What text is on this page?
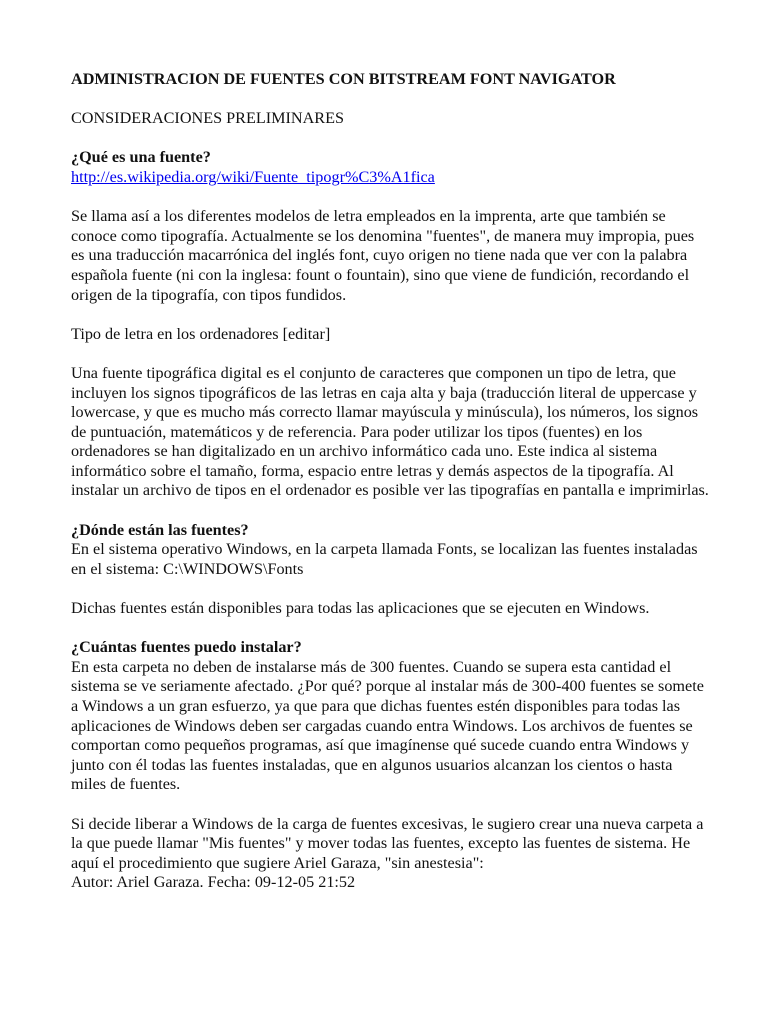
ADMINISTRACION DE FUENTES CON BITSTREAM FONT NAVIGATOR

CONSIDERACIONES PRELIMINARES

¿Qué es una fuente?
http://es.wikipedia.org/wiki/Fuente_tipogr%C3%A1fica

Se llama así a los diferentes modelos de letra empleados en la imprenta, arte que también se conoce como tipografía. Actualmente se los denomina "fuentes", de manera muy impropia, pues es una traducción macarrónica del inglés font, cuyo origen no tiene nada que ver con la palabra española fuente (ni con la inglesa: fount o fountain), sino que viene de fundición, recordando el origen de la tipografía, con tipos fundidos.

Tipo de letra en los ordenadores [editar]

Una fuente tipográfica digital es el conjunto de caracteres que componen un tipo de letra, que incluyen los signos tipográficos de las letras en caja alta y baja (traducción literal de uppercase y lowercase, y que es mucho más correcto llamar mayúscula y minúscula), los números, los signos de puntuación, matemáticos y de referencia. Para poder utilizar los tipos (fuentes) en los ordenadores se han digitalizado en un archivo informático cada uno. Este indica al sistema informático sobre el tamaño, forma, espacio entre letras y demás aspectos de la tipografía. Al instalar un archivo de tipos en el ordenador es posible ver las tipografías en pantalla e imprimirlas.

¿Dónde están las fuentes?
En el sistema operativo Windows, en la carpeta llamada Fonts, se localizan las fuentes instaladas en el sistema: C:\WINDOWS\Fonts

Dichas fuentes están disponibles para todas las aplicaciones que se ejecuten en Windows.

¿Cuántas fuentes puedo instalar?
En esta carpeta no deben de instalarse más de 300 fuentes. Cuando se supera esta cantidad el sistema se ve seriamente afectado. ¿Por qué? porque al instalar más de 300-400 fuentes se somete a Windows a un gran esfuerzo, ya que para que dichas fuentes estén disponibles para todas las aplicaciones de Windows deben ser cargadas cuando entra Windows. Los archivos de fuentes se comportan como pequeños programas, así que imagínense qué sucede cuando entra Windows y junto con él todas las fuentes instaladas, que en algunos usuarios alcanzan los cientos o hasta miles de fuentes.

Si decide liberar a Windows de la carga de fuentes excesivas, le sugiero crear una nueva carpeta a la que puede llamar "Mis fuentes" y mover todas las fuentes, excepto las fuentes de sistema. He aquí el procedimiento que sugiere Ariel Garaza, "sin anestesia":
Autor: Ariel Garaza. Fecha: 09-12-05 21:52
